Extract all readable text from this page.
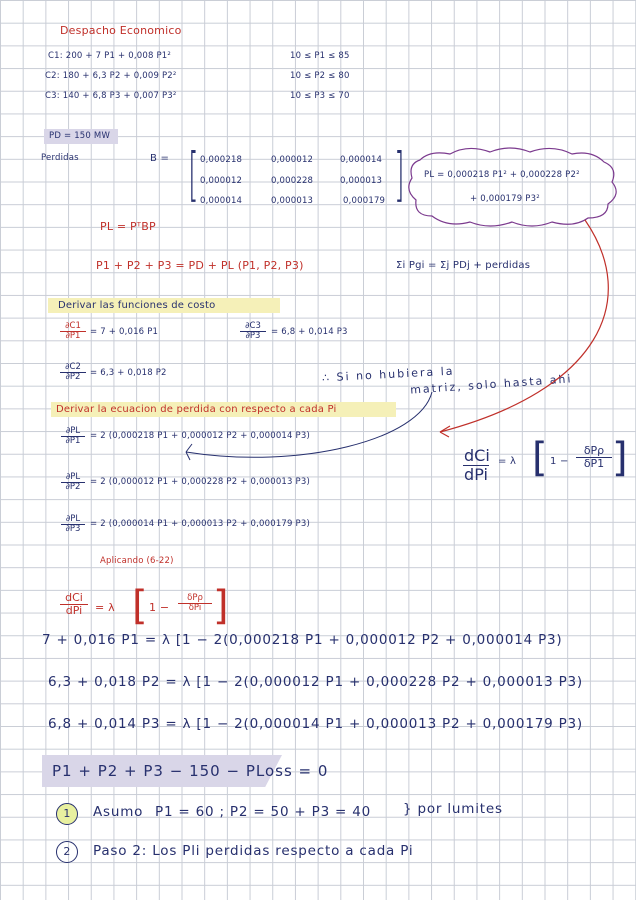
Despacho Economico
C1: 200 + 7 P1 + 0,008 P1²	10 ≤ P1 ≤ 85
C2: 180 + 6,3 P2 + 0,009 P2²	10 ≤ P2 ≤ 80
C3: 140 + 6,8 P3 + 0,007 P3²	10 ≤ P3 ≤ 70
PD = 150 MW
Perdidas	B = [	]
0,000218	0,000012	0,000014
0,000012	0,000228	0,000013
0,000014	0,000013	0,000179
PL = 0,000218 P1² + 0,000228 P2²
+ 0,000179 P3²
PL = PᵀBP
P1 + P2 + P3 = PD + PL (P1, P2, P3)	Σi Pgi = Σj PDj + perdidas
Derivar las funciones de costo
$\frac{\partial C1}{\partial P1} = 7 + 0,016$ P1	$\frac{\partial C3}{\partial P3} = 6,8 + 0,014$ P3
$\frac{\partial C2}{\partial P2} = 6,3 + 0,018$ P2	∴ Si no hubiera la
matriz, solo hasta ahi
Derivar la ecuacion de perdida con respecto a cada Pi
$\frac{\partial PL}{\partial P1} = 2$ (0,000218 P1 + 0,000012 P2 + 0,000014 P3)
$\frac{\partial PL}{\partial P2} = 2$ (0,000012 P1 + 0,000228 P2 + 0,000013 P3)
$\frac{\partial PL}{\partial P3} = 2$ (0,000014 P1 + 0,000013 P2 + 0,000179 P3)
dCi
dPi
= λ [ 1 −
δPρ
δP1 ]
Aplicando (6-22)
dCi
dPi	= λ [ 1 −
δPρ
δPi ]
7 + 0,016 P1 = λ [1 − 2(0,000218 P1 + 0,000012 P2 + 0,000014 P3)
6,3 + 0,018 P2 = λ [1 − 2(0,000012 P1 + 0,000228 P2 + 0,000013 P3)
6,8 + 0,014 P3 = λ [1 − 2(0,000014 P1 + 0,000013 P2 + 0,000179 P3)
P1 + P2 + P3 − 150 − PLoss = 0
1	Asumo P1 = 60 ; P2 = 50 + P3 = 40 } por lumites
2	Paso 2: Los Pli perdidas respecto a cada Pi
